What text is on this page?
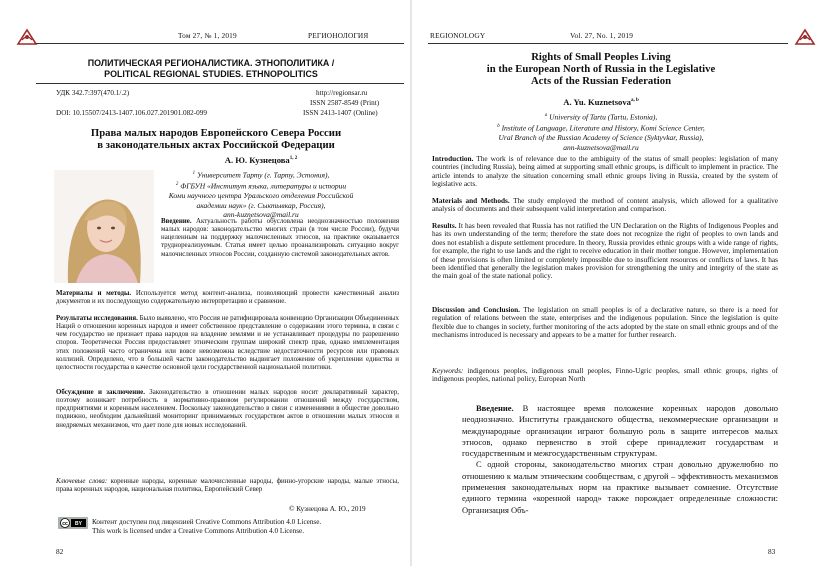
Том 27, № 1, 2019	РЕГИОНОЛОГИЯ
ПОЛИТИЧЕСКАЯ РЕГИОНАЛИСТИКА. ЭТНОПОЛИТИКА /
POLITICAL REGIONAL STUDIES. ETHNOPOLITICS
УДК 342.7:397(470.1/.2)
DOI: 10.15507/2413-1407.106.027.201901.082-099
http://regionsar.ru
ISSN 2587-8549 (Print)
ISSN 2413-1407 (Online)
Права малых народов Европейского Севера России
в законодательных актах Российской Федерации
А. Ю. Кузнецова$^{1, 2}$
$^1$ Университет Тарту (г. Тарту, Эстония),
$^2$ ФГБУН «Институт языка, литературы и истории
Коми научного центра Уральского отделения Российской
академии наук» (г. Сыктывкар, Россия),
ann-kuznetsova@mail.ru
Введение. Актуальность работы обусловлена неоднозначностью положения малых народов: законодательство многих стран (в том числе России), будучи нацеленным на поддержку малочисленных этносов, на практике оказывается труднореализуемым. Статья имеет целью проанализировать ситуацию вокруг малочисленных этносов России, созданную системой законодательных актов.
Материалы и методы. Используется метод контент-анализа, позволяющий провести качественный анализ документов и их последующую содержательную интерпретацию и сравнение.
Результаты исследования. Было выявлено, что Россия не ратифицировала конвенцию Организации Объединенных Наций о отношении коренных народов и имеет собственное представление о содержании этого термина, в связи с чем государство не признает права народов на владение землями и не устанавливает процедуры по разрешению споров. Теоретически Россия предоставляет этническим группам широкий спектр прав, однако имплементация этих положений часто ограничена или вовсе невозможна вследствие недостаточности ресурсов или правовых коллизий. Определено, что в большей части законодательство выдвигает положение об укреплении единства и целостности государства в качестве основной цели государственной национальной политики.
Обсуждение и заключение. Законодательство в отношении малых народов носит декларативный характер, поэтому возникает потребность в нормативно-правовом регулировании отношений между государством, предприятиями и коренным населением. Поскольку законодательство в связи с изменениями в обществе довольно подвижно, необходим дальнейший мониторинг принимаемых государством актов в отношении малых этносов и внедряемых механизмов, что дает поле для новых исследований.
Ключевые слова: коренные народы, коренные малочисленные народы, финно-угорские народы, малые этносы, права коренных народов, национальная политика, Европейский Север
© Кузнецова А. Ю., 2019
cc BY Контент доступен под лицензией Creative Commons Attribution 4.0 License.
This work is licensed under a Creative Commons Attribution 4.0 License.
82
REGIONOLOGY	Vol. 27, No. 1, 2019
Rights of Small Peoples Living
in the European North of Russia in the Legislative
Acts of the Russian Federation
A. Yu. Kuznetsova$^{a, b}$
$^a$ University of Tartu (Tartu, Estonia),
$^b$ Institute of Language, Literature and History, Komi Science Center,
Ural Branch of the Russian Academy of Science (Syktyvkar, Russia),
ann-kuznetsova@mail.ru
Introduction. The work is of relevance due to the ambiguity of the status of small peoples: legislation of many countries (including Russia), being aimed at supporting small ethnic groups, is difficult to implement in practice. The article intends to analyze the situation concerning small ethnic groups living in Russia, created by the system of legislative acts.
Materials and Methods. The study employed the method of content analysis, which allowed for a qualitative analysis of documents and their subsequent valid interpretation and comparison.
Results. It has been revealed that Russia has not ratified the UN Declaration on the Rights of Indigenous Peoples and has its own understanding of the term; therefore the state does not recognize the right of peoples to own lands and does not establish a dispute settlement procedure. In theory, Russia provides ethnic groups with a wide range of rights, for example, the right to use lands and the right to receive education in their mother tongue. However, implementation of these provisions is often limited or completely impossible due to insufficient resources or conflicts of laws. It has been identified that generally the legislation makes provision for strengthening the unity and integrity of the state as the main goal of the state national policy.
Discussion and Conclusion. The legislation on small peoples is of a declarative nature, so there is a need for regulation of relations between the state, enterprises and the indigenous population. Since the legislation is quite flexible due to changes in society, further monitoring of the acts adopted by the state on small ethnic groups and of the mechanisms introduced is necessary and appears to be a matter for further research.
Keywords: indigenous peoples, indigenous small peoples, Finno-Ugric peoples, small ethnic groups, rights of indigenous peoples, national policy, European North

Введение. В настоящее время положение коренных народов довольно неоднозначно. Институты гражданского общества, некоммерческие организации и международные организации играют большую роль в защите интересов малых этносов, однако первенство в этой сфере принадлежит государствам и государственным и межгосударственным структурам.

С одной стороны, законодательство многих стран довольно дружелюбно по отношению к малым этническим сообществам, с другой – эффективность механизмов применения законодательных норм на практике вызывает сомнение. Отсутствие единого термина «коренной народ» также порождает определенные сложности: Организация Объ-

83
